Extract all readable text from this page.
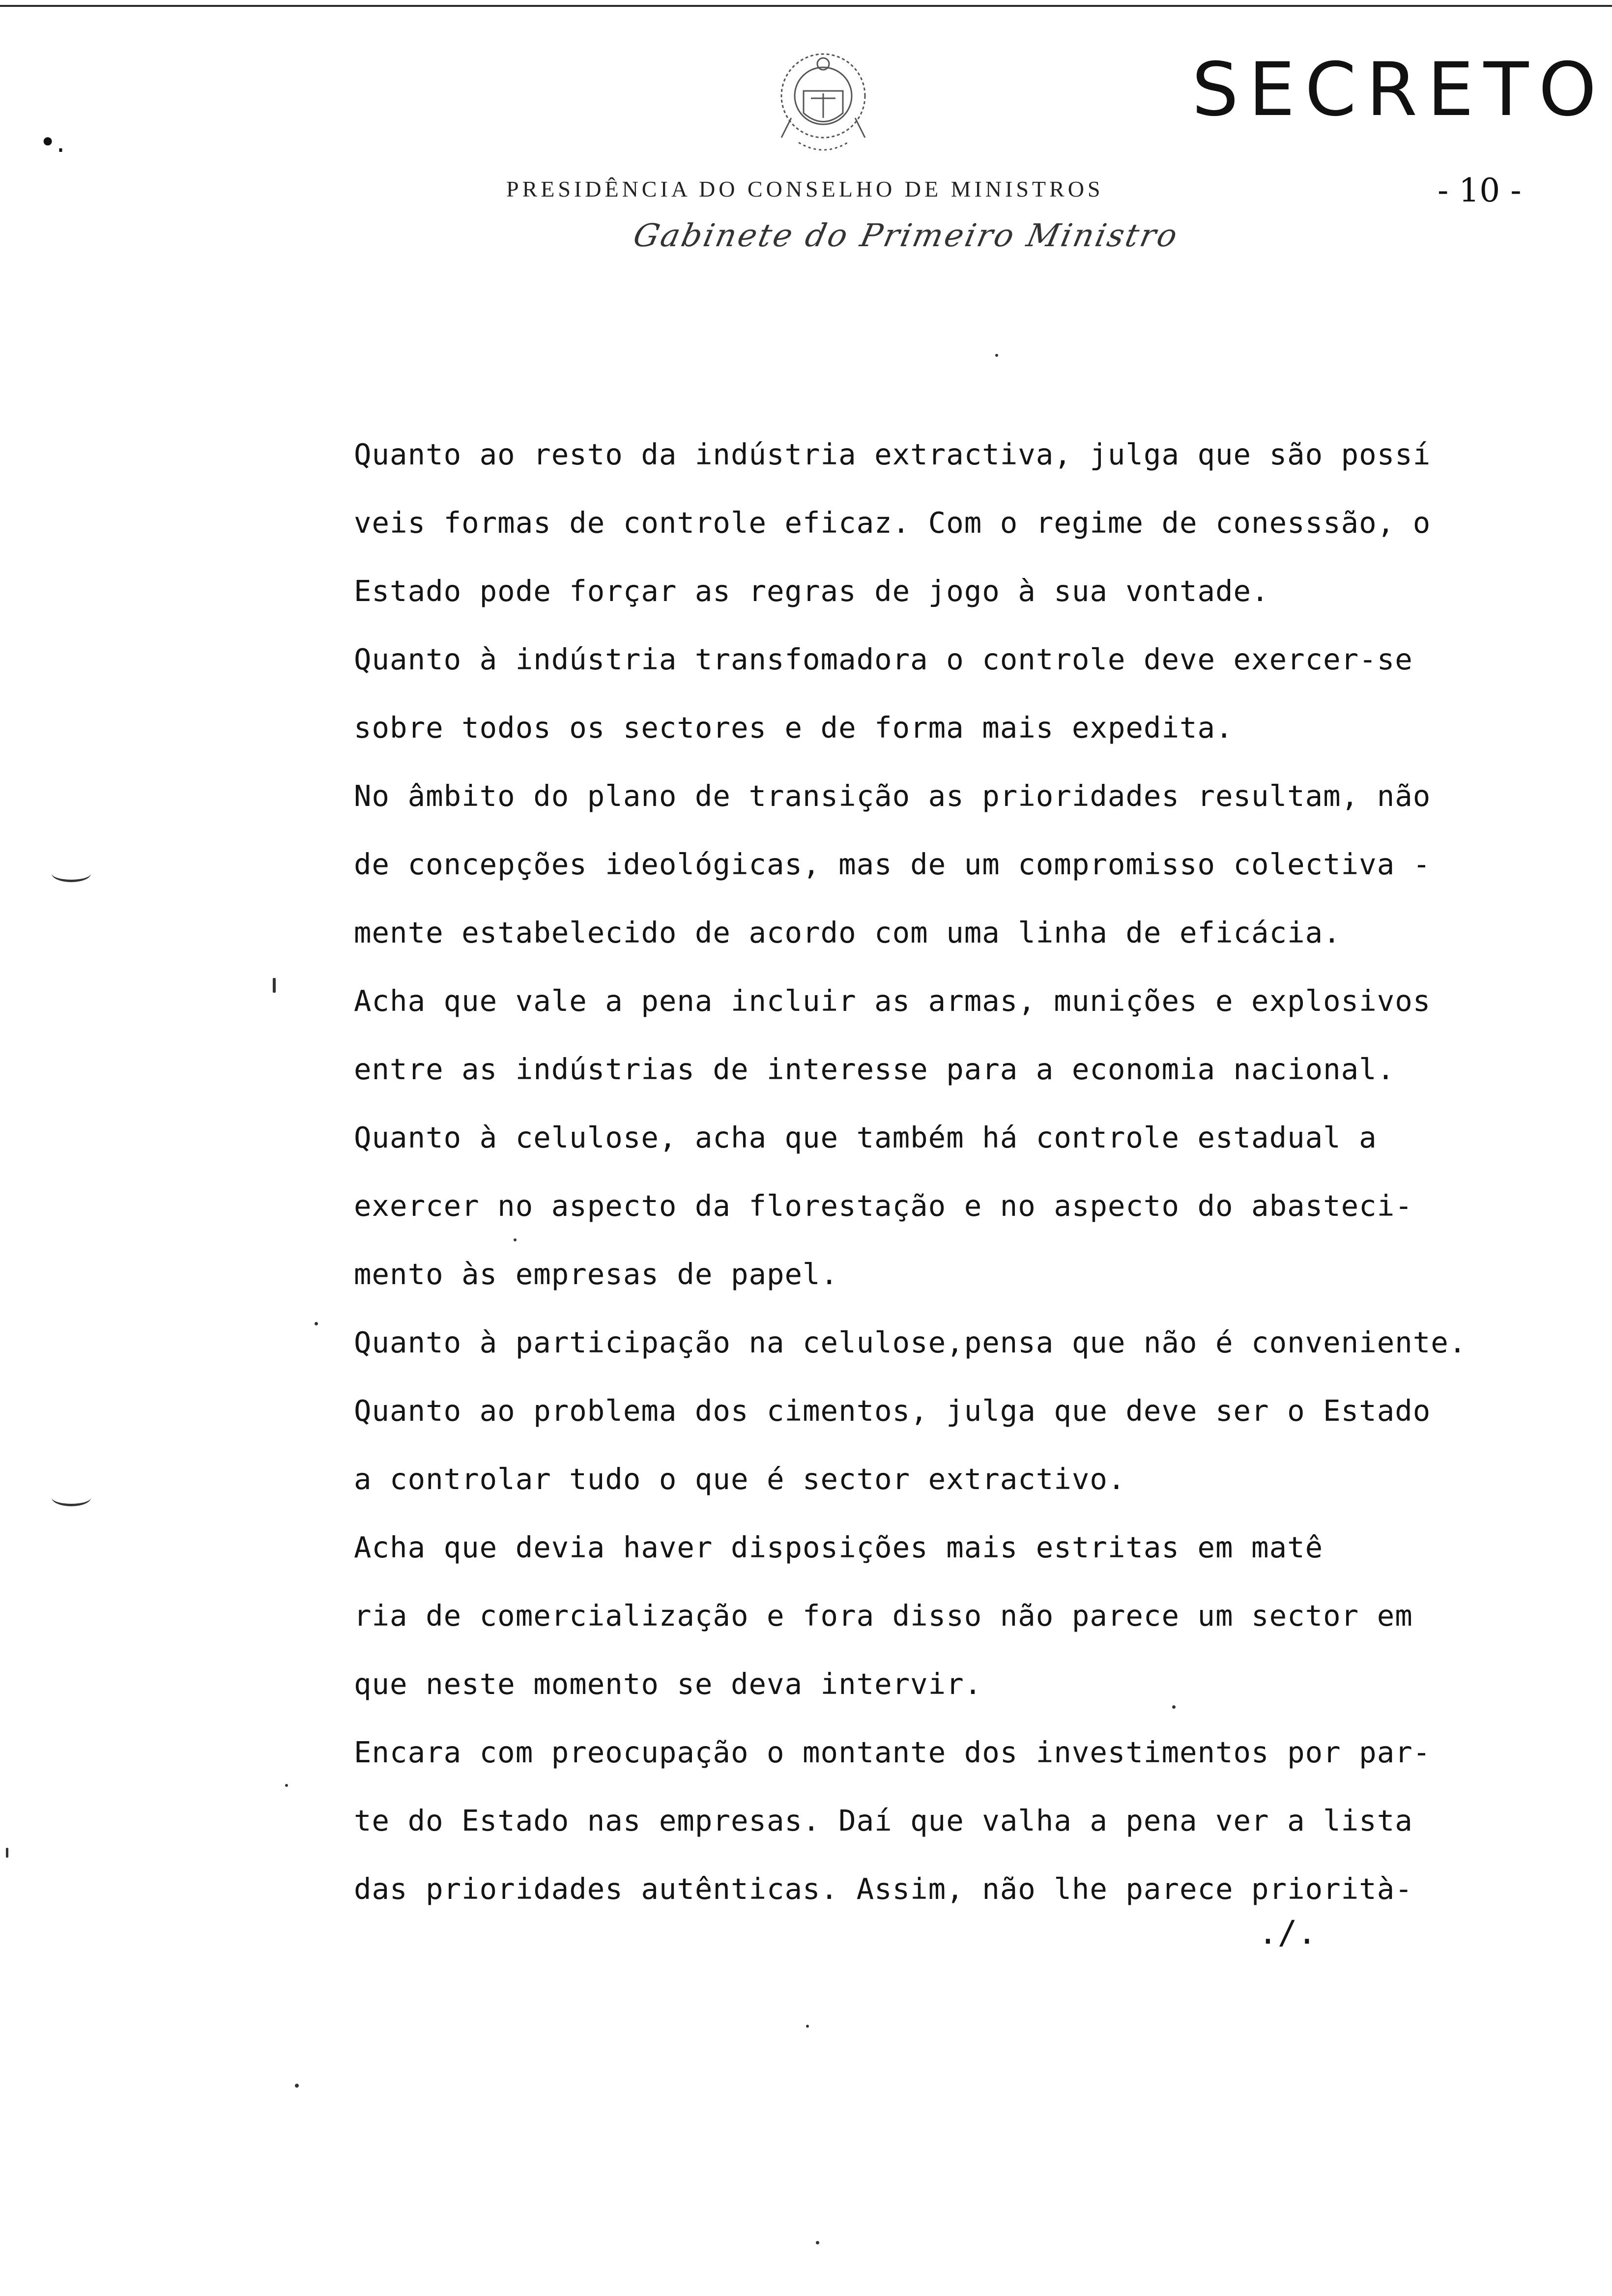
•.
SECRETO
- 10 -
PRESIDÊNCIA DO CONSELHO DE MINISTROS
Gabinete do Primeiro Ministro
Quanto ao resto da indústria extractiva, julga que são possí
veis formas de controle eficaz. Com o regime de conesssão, o
Estado pode forçar as regras de jogo à sua vontade.
Quanto à indústria transfomadora o controle deve exercer-se
sobre todos os sectores e de forma mais expedita.
No âmbito do plano de transição as prioridades resultam, não
de concepções ideológicas, mas de um compromisso colectiva -
mente estabelecido de acordo com uma linha de eficácia.
Acha que vale a pena incluir as armas, munições e explosivos
entre as indústrias de interesse para a economia nacional.
Quanto à celulose, acha que também há controle estadual a
exercer no aspecto da florestação e no aspecto do abasteci-
mento às empresas de papel.
Quanto à participação na celulose,pensa que não é conveniente.
Quanto ao problema dos cimentos, julga que deve ser o Estado
a controlar tudo o que é sector extractivo.
Acha que devia haver disposições mais estritas em matê
ria de comercialização e fora disso não parece um sector em
que neste momento se deva intervir.
Encara com preocupação o montante dos investimentos por par-
te do Estado nas empresas. Daí que valha a pena ver a lista
das prioridades autênticas. Assim, não lhe parece priorità-
./.
